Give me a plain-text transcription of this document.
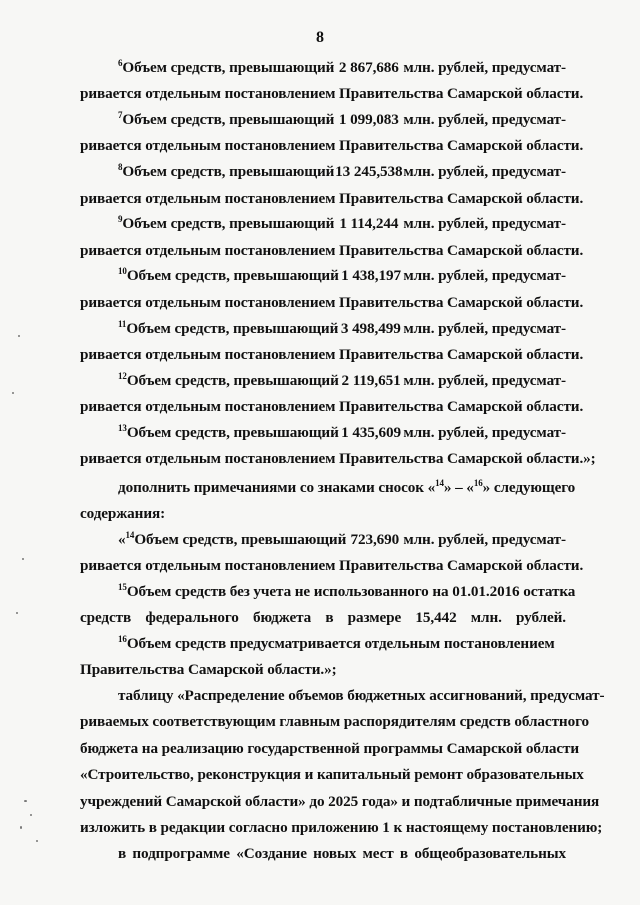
8
$^6$Объем средств, превышающий 2 867,686 млн. рублей, предусмат-
ривается отдельным постановлением Правительства Самарской области.
$^7$Объем средств, превышающий 1 099,083 млн. рублей, предусмат-
ривается отдельным постановлением Правительства Самарской области.
$^8$Объем средств, превышающий 13 245,538 млн. рублей, предусмат-
ривается отдельным постановлением Правительства Самарской области.
$^9$Объем средств, превышающий 1 114,244 млн. рублей, предусмат-
ривается отдельным постановлением Правительства Самарской области.
$^{10}$Объем средств, превышающий 1 438,197 млн. рублей, предусмат-
ривается отдельным постановлением Правительства Самарской области.
$^{11}$Объем средств, превышающий 3 498,499 млн. рублей, предусмат-
ривается отдельным постановлением Правительства Самарской области.
$^{12}$Объем средств, превышающий 2 119,651 млн. рублей, предусмат-
ривается отдельным постановлением Правительства Самарской области.
$^{13}$Объем средств, превышающий 1 435,609 млн. рублей, предусмат-
ривается отдельным постановлением Правительства Самарской области.»;
дополнить примечаниями со знаками сносок «$^{14}$» – «$^{16}$» следующего
содержания:
«$^{14}$Объем средств, превышающий 723,690 млн. рублей, предусмат-
ривается отдельным постановлением Правительства Самарской области.
$^{15}$Объем средств без учета не использованного на 01.01.2016 остатка
средств федерального бюджета в размере 15,442 млн. рублей.
$^{16}$Объем средств предусматривается отдельным постановлением
Правительства Самарской области.»;
таблицу «Распределение объемов бюджетных ассигнований, предусмат-
риваемых соответствующим главным распорядителям средств областного
бюджета на реализацию государственной программы Самарской области
«Строительство, реконструкция и капитальный ремонт образовательных
учреждений Самарской области» до 2025 года» и подтабличные примечания
изложить в редакции согласно приложению 1 к настоящему постановлению;
в подпрограмме «Создание новых мест в общеобразовательных
